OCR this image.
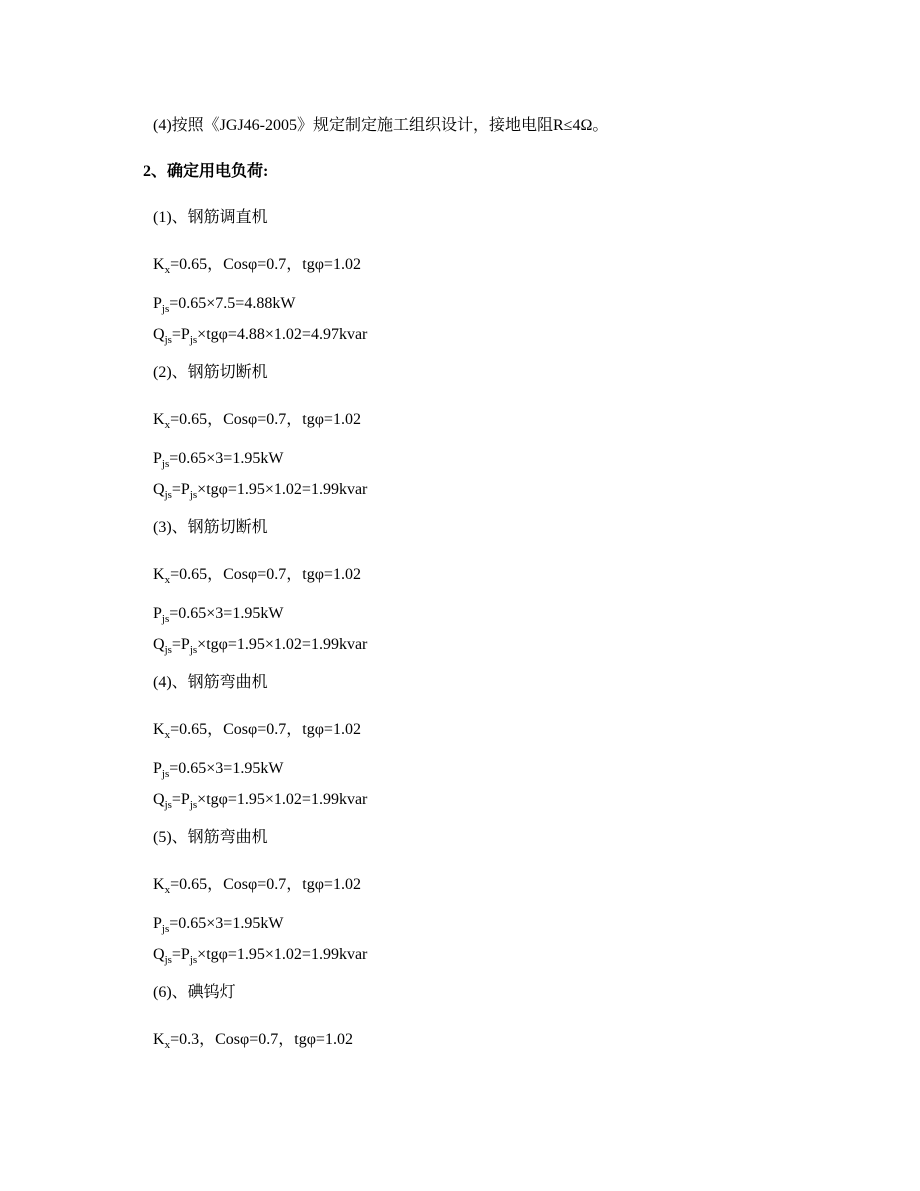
(4)按照《JGJ46-2005》规定制定施工组织设计，接地电阻R≤4Ω。
2、确定用电负荷:
(1)、钢筋调直机
$K_x=0.65$，Cosφ=0.7，tgφ=1.02
$P_{js}=0.65\times 7.5=4.88kW$
$Q_{js}=P_{js}\times tg\varphi=4.88\times 1.02=4.97kvar$
(2)、钢筋切断机
$K_x=0.65$，Cosφ=0.7，tgφ=1.02
$P_{js}=0.65\times 3=1.95kW$
$Q_{js}=P_{js}\times tg\varphi=1.95\times 1.02=1.99kvar$
(3)、钢筋切断机
$K_x=0.65$，Cosφ=0.7，tgφ=1.02
$P_{js}=0.65\times 3=1.95kW$
$Q_{js}=P_{js}\times tg\varphi=1.95\times 1.02=1.99kvar$
(4)、钢筋弯曲机
$K_x=0.65$，Cosφ=0.7，tgφ=1.02
$P_{js}=0.65\times 3=1.95kW$
$Q_{js}=P_{js}\times tg\varphi=1.95\times 1.02=1.99kvar$
(5)、钢筋弯曲机
$K_x=0.65$，Cosφ=0.7，tgφ=1.02
$P_{js}=0.65\times 3=1.95kW$
$Q_{js}=P_{js}\times tg\varphi=1.95\times 1.02=1.99kvar$
(6)、碘钨灯
$K_x=0.3$，Cosφ=0.7，tgφ=1.02
